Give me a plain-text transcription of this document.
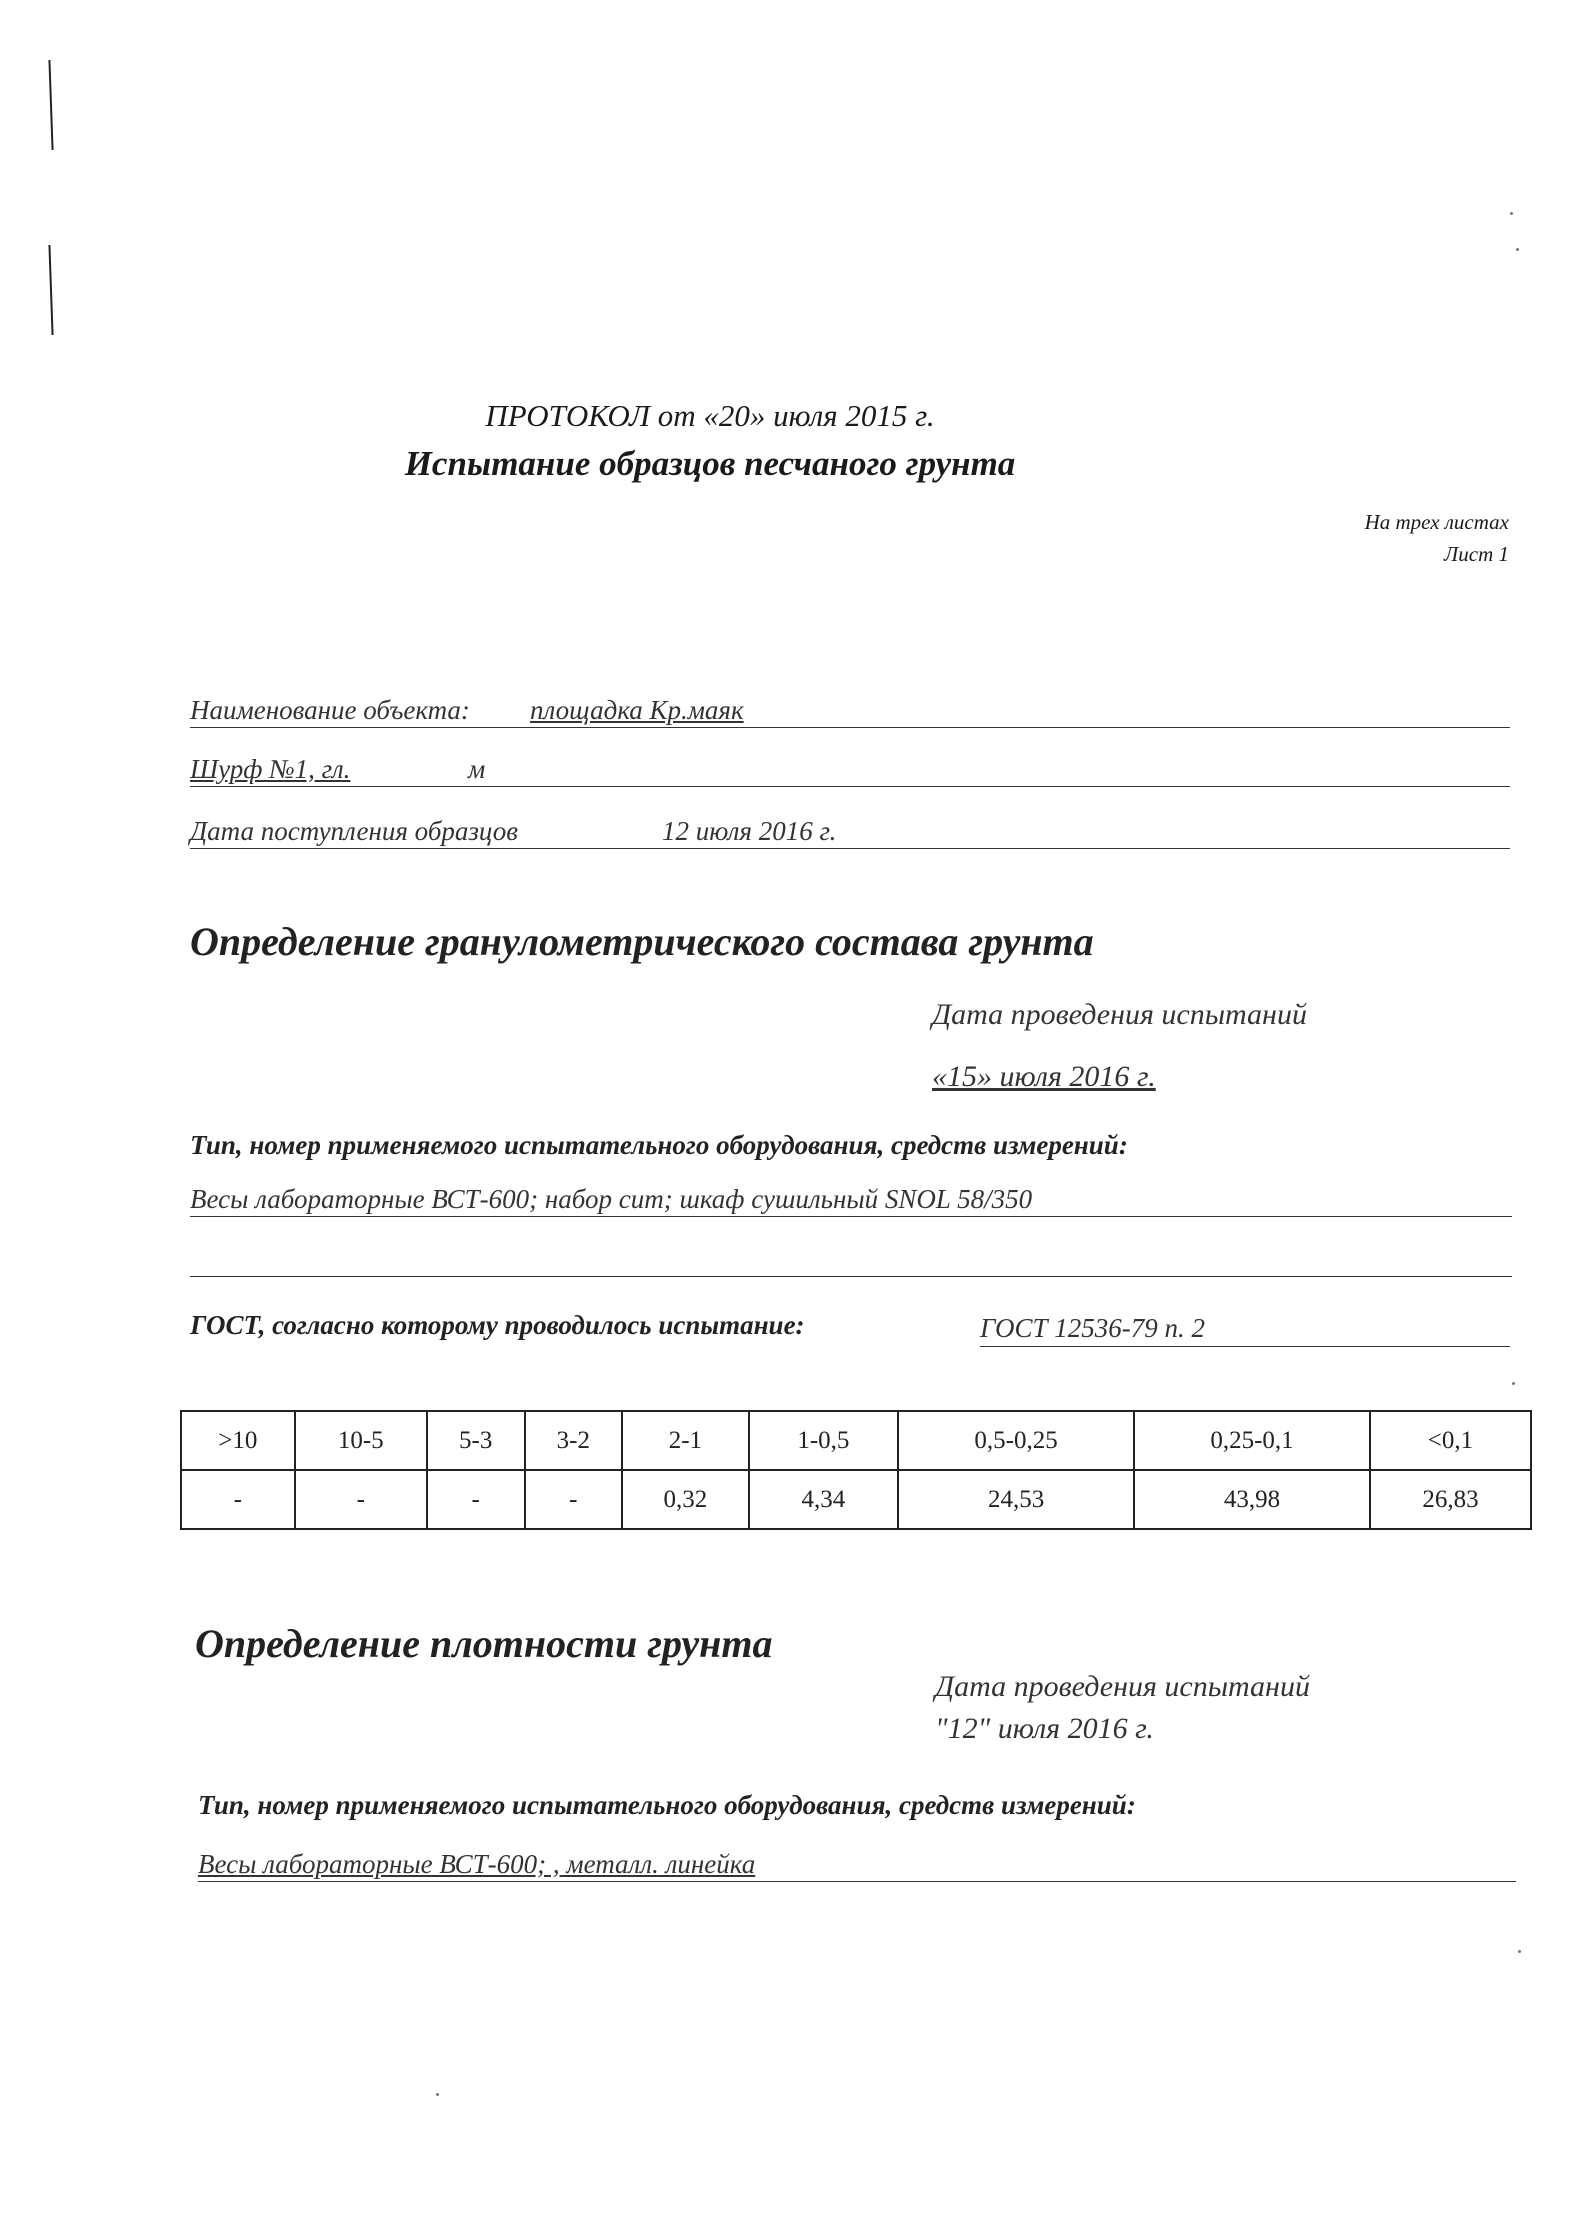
ПРОТОКОЛ от «20» июля 2015 г.
Испытание образцов песчаного грунта
На трех листах
Лист 1
Наименование объекта: площадка Кр.маяк
Шурф №1, гл.	м
Дата поступления образцов	12 июля 2016 г.
Определение гранулометрического состава грунта
Дата проведения испытаний
«15» июля 2016 г.
Тип, номер применяемого испытательного оборудования, средств измерений:
Весы лабораторные ВСТ-600; набор сит; шкаф сушильный SNOL 58/350
ГОСТ, согласно которому проводилось испытание:	ГОСТ 12536-79 п. 2
>10	10-5	5-3	3-2	2-1	1-0,5	0,5-0,25	0,25-0,1	<0,1
-	-	-	-	0,32	4,34	24,53	43,98	26,83
Определение плотности грунта
Дата проведения испытаний
"12" июля 2016 г.
Тип, номер применяемого испытательного оборудования, средств измерений:
Весы лабораторные ВСТ-600; , металл. линейка
